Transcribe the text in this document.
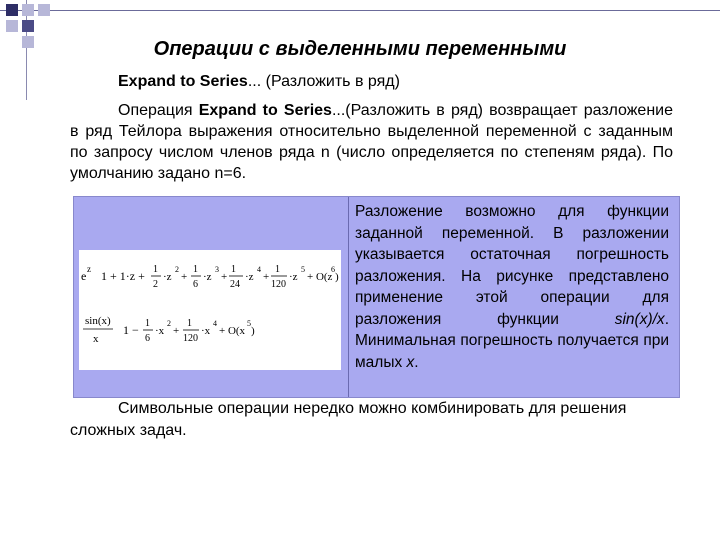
Операции с выделенными переменными

Expand to Series... (Разложить в ряд)

Операция Expand to Series...(Разложить в ряд) возвращает разложение в ряд Тейлора выражения относительно выделенной переменной с заданным по запросу числом членов ряда n (число определяется по степеням ряда). По умолчанию задано n=6.

e z 1 + 1·z + 1
2
·z
2
+
1
6
·z
3
+
1
24
·z
4
+
1
120
·z
5
+ O(z
6
)
sin(x)
x
1 − 1
6
·x
2
+
1
120
·x
4
+ O(x
5
)

Разложение возможно для функции заданной переменной. В разложении указывается остаточная погрешность разложения. На рисунке представлено применение этой операции для разложения функции sin(x)/x. Минимальная погрешность получается при малых x.

Символьные операции нередко можно комбинировать для решения сложных задач.
